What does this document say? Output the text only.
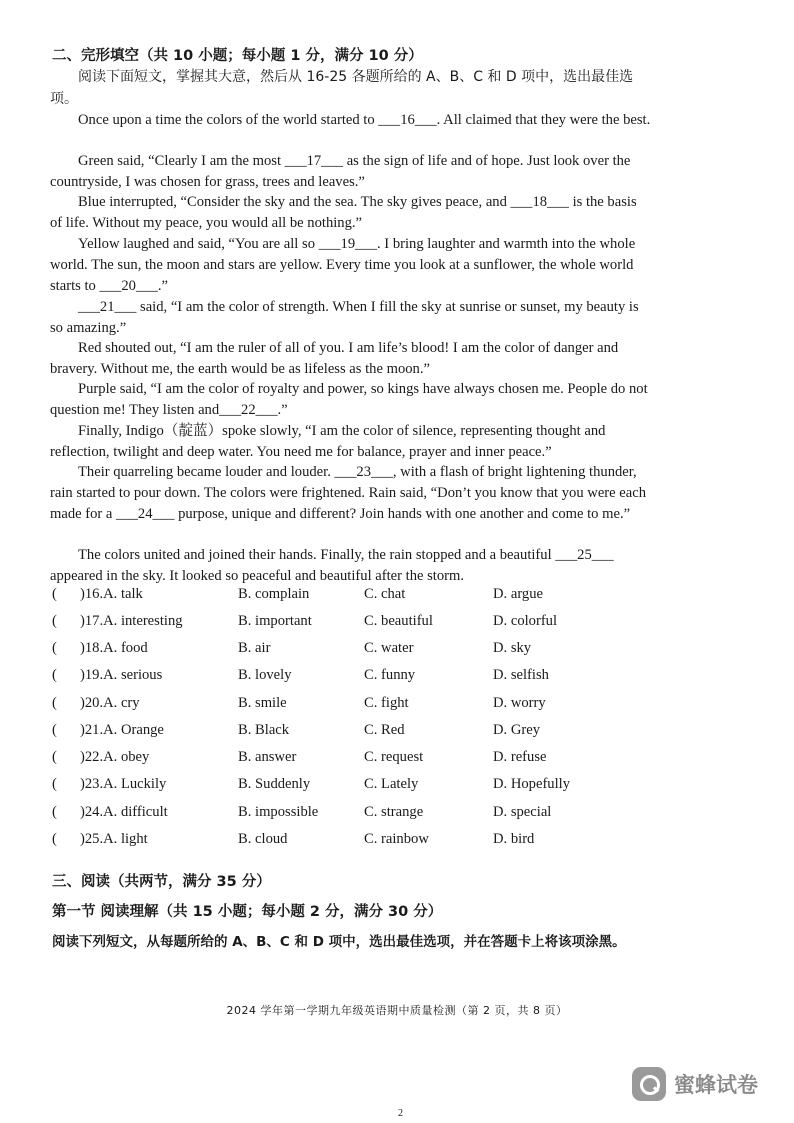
二、完形填空（共 10 小题；每小题 1 分，满分 10 分）

阅读下面短文，掌握其大意，然后从 16-25 各题所给的 A、B、C 和 D 项中，选出最佳选项。

Once upon a time the colors of the world started to ___16___. All claimed that they were the best.

Green said, “Clearly I am the most ___17___ as the sign of life and of hope. Just look over the countryside, I was chosen for grass, trees and leaves.”

Blue interrupted, “Consider the sky and the sea. The sky gives peace, and ___18___ is the basis of life. Without my peace, you would all be nothing.”

Yellow laughed and said, “You are all so ___19___. I bring laughter and warmth into the whole world. The sun, the moon and stars are yellow. Every time you look at a sunflower, the whole world starts to ___20___.”

___21___ said, “I am the color of strength. When I fill the sky at sunrise or sunset, my beauty is so amazing.”

Red shouted out, “I am the ruler of all of you. I am life’s blood! I am the color of danger and bravery. Without me, the earth would be as lifeless as the moon.”

Purple said, “I am the color of royalty and power, so kings have always chosen me. People do not question me! They listen and___22___.”

Finally, Indigo（靛蓝）spoke slowly, “I am the color of silence, representing thought and reflection, twilight and deep water. You need me for balance, prayer and inner peace.”

Their quarreling became louder and louder. ___23___, with a flash of bright lightening thunder, rain started to pour down. The colors were frightened. Rain said, “Don’t you know that you were each made for a ___24___ purpose, unique and different? Join hands with one another and come to me.”

The colors united and joined their hands. Finally, the rain stopped and a beautiful ___25___ appeared in the sky. It looked so peaceful and beautiful after the storm.

( )16.A. talk	B. complain	C. chat	D. argue
( )17.A. interesting	B. important	C. beautiful	D. colorful
( )18.A. food	B. air	C. water	D. sky
( )19.A. serious	B. lovely	C. funny	D. selfish
( )20.A. cry	B. smile	C. fight	D. worry
( )21.A. Orange	B. Black	C. Red	D. Grey
( )22.A. obey	B. answer	C. request	D. refuse
( )23.A. Luckily	B. Suddenly	C. Lately	D. Hopefully
( )24.A. difficult	B. impossible	C. strange	D. special
( )25.A. light	B. cloud	C. rainbow	D. bird
三、阅读（共两节，满分 35 分）
第一节 阅读理解（共 15 小题；每小题 2 分，满分 30 分）
阅读下列短文，从每题所给的 A、B、C 和 D 项中，选出最佳选项，并在答题卡上将该项涂黑。
2024 学年第一学期九年级英语期中质量检测（第 2 页，共 8 页）
蜜蜂试卷
2
